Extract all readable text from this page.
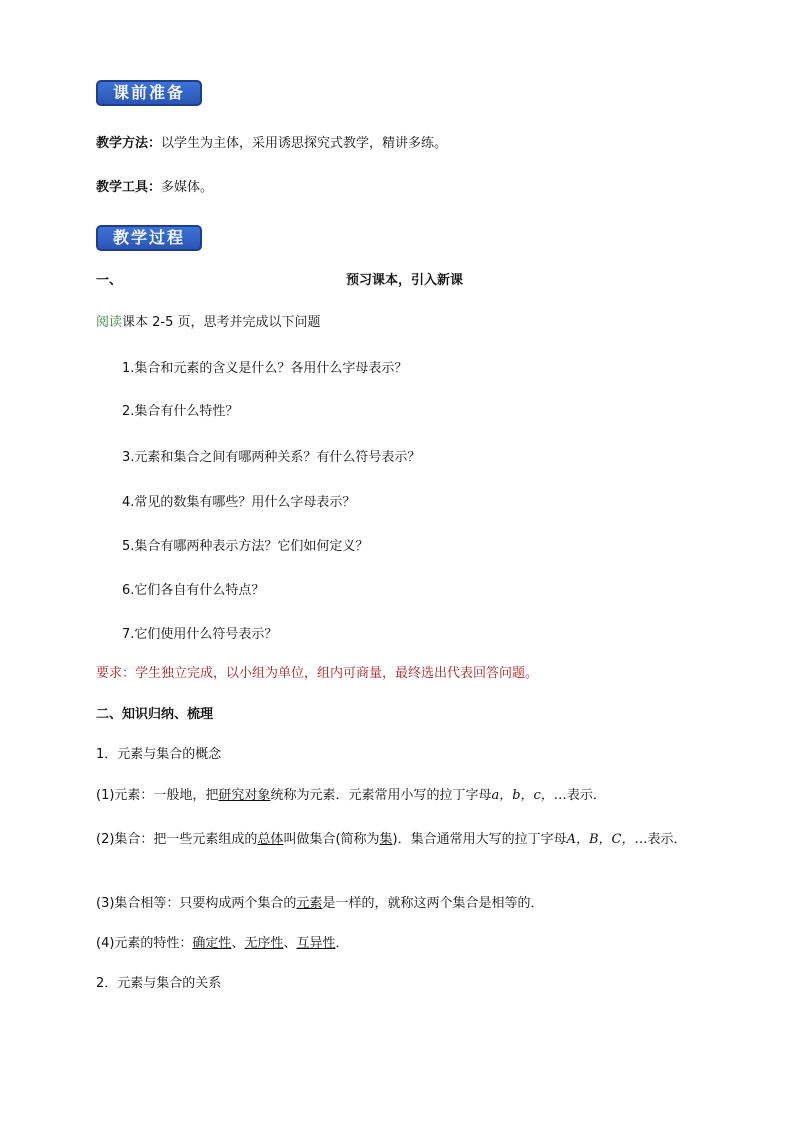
课前准备
教学方法：以学生为主体，采用诱思探究式教学，精讲多练。
教学工具：多媒体。
教学过程
一、	预习课本，引入新课
阅读课本 2-5 页，思考并完成以下问题
1.集合和元素的含义是什么？各用什么字母表示？
2.集合有什么特性？
3.元素和集合之间有哪两种关系？有什么符号表示？
4.常见的数集有哪些？用什么字母表示？
5.集合有哪两种表示方法？它们如何定义？
6.它们各自有什么特点？
7.它们使用什么符号表示？
要求：学生独立完成，以小组为单位，组内可商量，最终选出代表回答问题。
二、知识归纳、梳理
1．元素与集合的概念
(1)元素：一般地，把研究对象统称为元素．元素常用小写的拉丁字母a，b，c，…表示．
(2)集合：把一些元素组成的总体叫做集合(简称为集)．集合通常用大写的拉丁字母A，B，C，…表示．
(3)集合相等：只要构成两个集合的元素是一样的，就称这两个集合是相等的．
(4)元素的特性：确定性、无序性、互异性．
2．元素与集合的关系
